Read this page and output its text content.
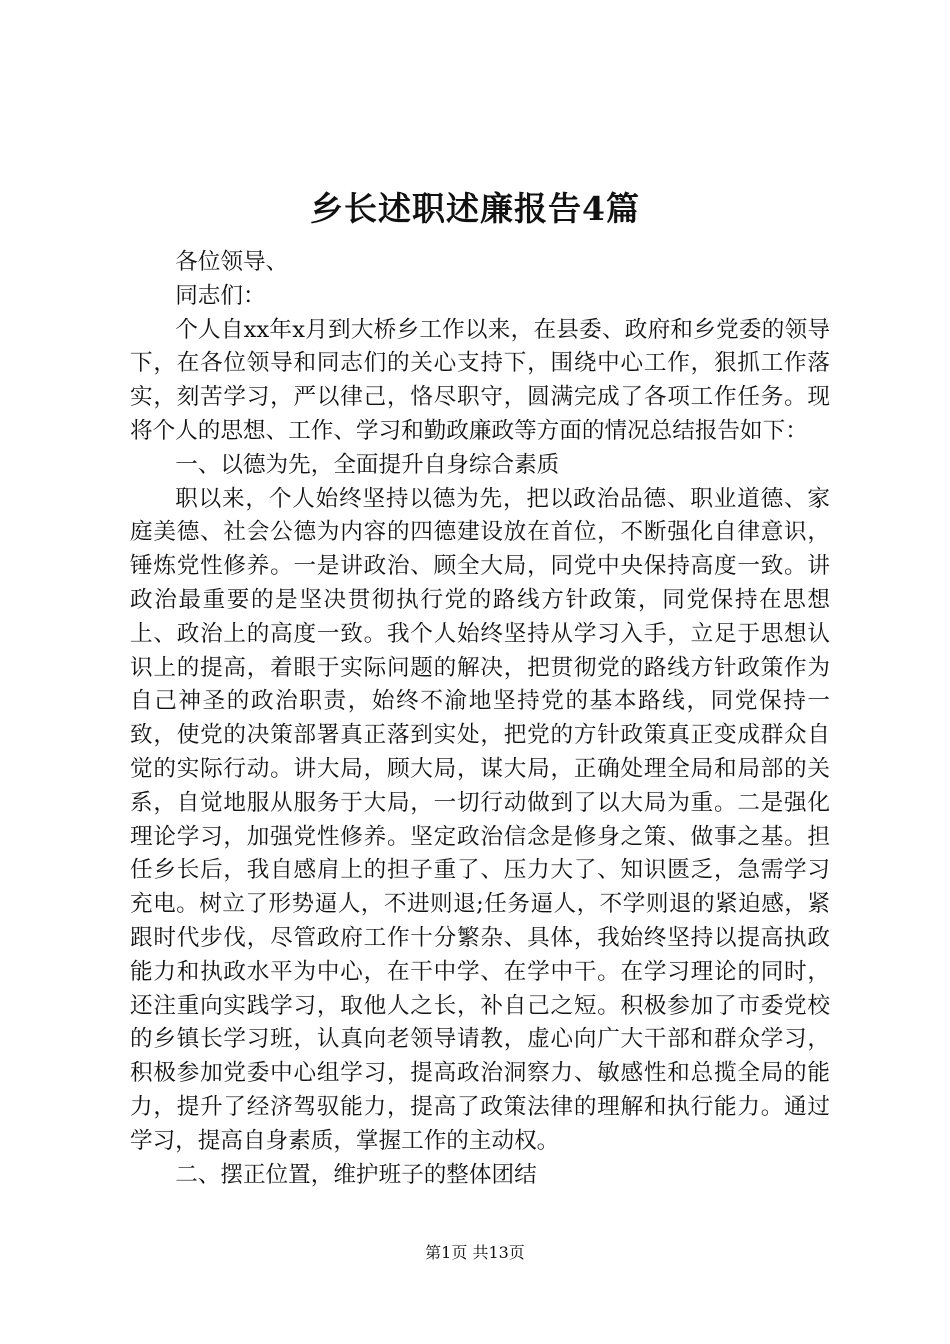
乡长述职述廉报告4篇

各位领导、

同志们：

个人自xx年x月到大桥乡工作以来，在县委、政府和乡党委的领导下，在各位领导和同志们的关心支持下，围绕中心工作，狠抓工作落实，刻苦学习，严以律己，恪尽职守，圆满完成了各项工作任务。现将个人的思想、工作、学习和勤政廉政等方面的情况总结报告如下：

一、以德为先，全面提升自身综合素质

职以来，个人始终坚持以德为先，把以政治品德、职业道德、家庭美德、社会公德为内容的四德建设放在首位，不断强化自律意识，锤炼党性修养。一是讲政治、顾全大局，同党中央保持高度一致。讲政治最重要的是坚决贯彻执行党的路线方针政策，同党保持在思想上、政治上的高度一致。我个人始终坚持从学习入手，立足于思想认识上的提高，着眼于实际问题的解决，把贯彻党的路线方针政策作为自己神圣的政治职责，始终不渝地坚持党的基本路线，同党保持一致，使党的决策部署真正落到实处，把党的方针政策真正变成群众自觉的实际行动。讲大局，顾大局，谋大局，正确处理全局和局部的关系，自觉地服从服务于大局，一切行动做到了以大局为重。二是强化理论学习，加强党性修养。坚定政治信念是修身之策、做事之基。担任乡长后，我自感肩上的担子重了、压力大了、知识匮乏，急需学习充电。树立了形势逼人，不进则退;任务逼人，不学则退的紧迫感，紧跟时代步伐，尽管政府工作十分繁杂、具体，我始终坚持以提高执政能力和执政水平为中心，在干中学、在学中干。在学习理论的同时，还注重向实践学习，取他人之长，补自己之短。积极参加了市委党校的乡镇长学习班，认真向老领导请教，虚心向广大干部和群众学习，积极参加党委中心组学习，提高政治洞察力、敏感性和总揽全局的能力，提升了经济驾驭能力，提高了政策法律的理解和执行能力。通过学习，提高自身素质，掌握工作的主动权。

二、摆正位置，维护班子的整体团结

第1页 共13页
